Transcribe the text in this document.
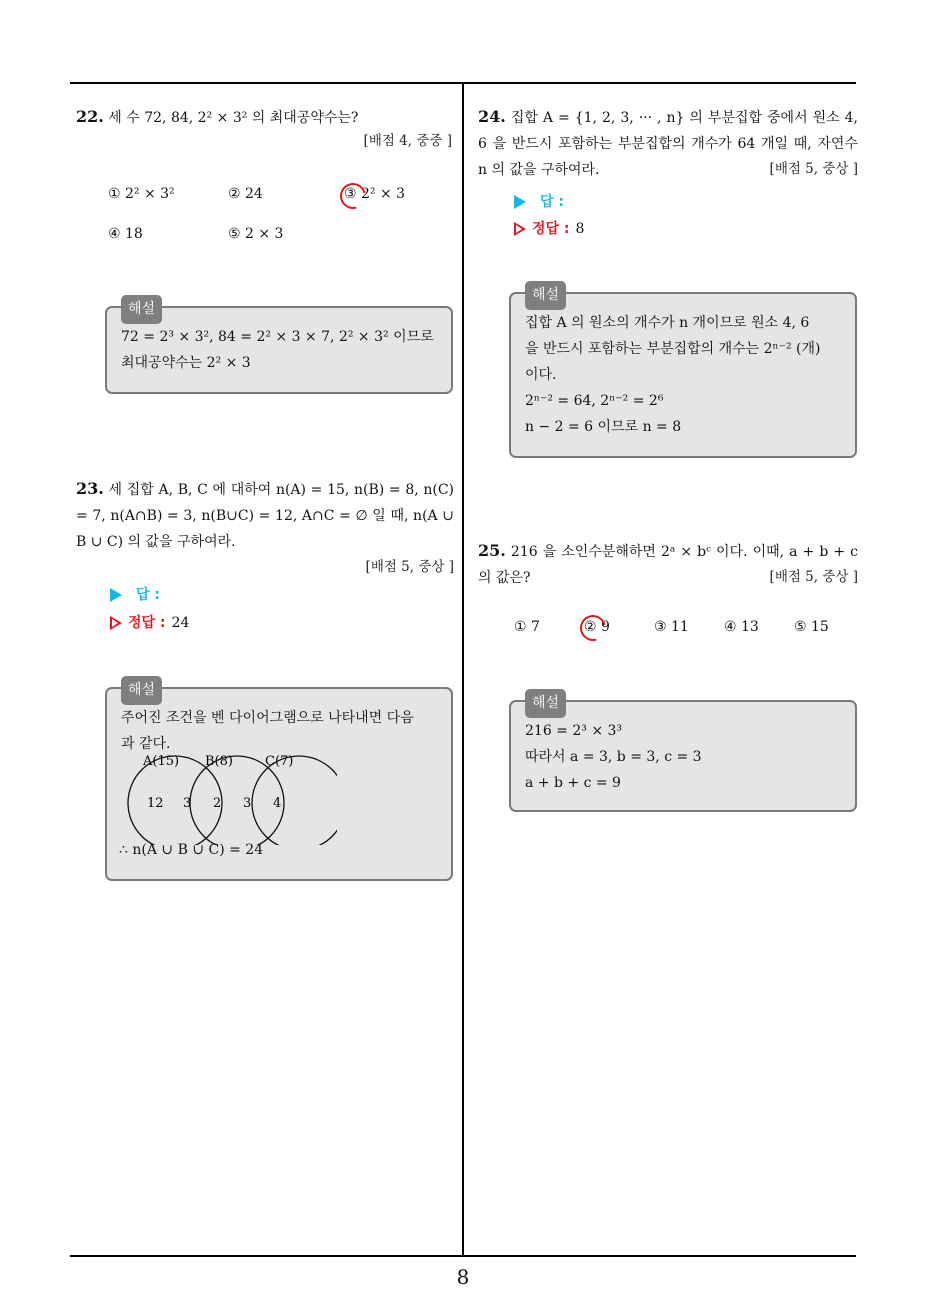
22. 세 수 72, 84, 2² × 3² 의 최대공약수는?
[배점 4, 중중 ]
① 2² × 3²	② 24	③ 2² × 3
④ 18	⑤ 2 × 3
해설
72 = 2³ × 3², 84 = 2² × 3 × 7, 2² × 3² 이므로
최대공약수는 2² × 3
23. 세 집합 A, B, C 에 대하여 n(A) = 15, n(B) = 8, n(C) = 7, n(A∩B) = 3, n(B∪C) = 12, A∩C = ∅ 일 때, n(A ∪ B ∪ C) 의 값을 구하여라.
[배점 5, 중상 ]
답 :
정답 : 24
해설
주어진 조건을 벤 다이어그램으로 나타내면 다음
과 같다.
A(15) B(8) C(7)
12 3 2 3 4
∴ n(A ∪ B ∪ C) = 24
24. 집합 A = {1, 2, 3, ··· , n} 의 부분집합 중에서 원소 4, 6 을 반드시 포함하는 부분집합의 개수가 64 개일 때, 자연수 n 의 값을 구하여라.	[배점 5, 중상 ]
답 :
정답 : 8
해설
집합 A 의 원소의 개수가 n 개이므로 원소 4, 6
을 반드시 포함하는 부분집합의 개수는 2ⁿ⁻² (개)
이다.
2ⁿ⁻² = 64, 2ⁿ⁻² = 2⁶
n − 2 = 6 이므로 n = 8
25. 216 을 소인수분해하면 2ᵃ × bᶜ 이다. 이때, a + b + c 의 값은?	[배점 5, 중상 ]
① 7	② 9	③ 11	④ 13	⑤ 15
해설
216 = 2³ × 3³
따라서 a = 3, b = 3, c = 3
a + b + c = 9
8
